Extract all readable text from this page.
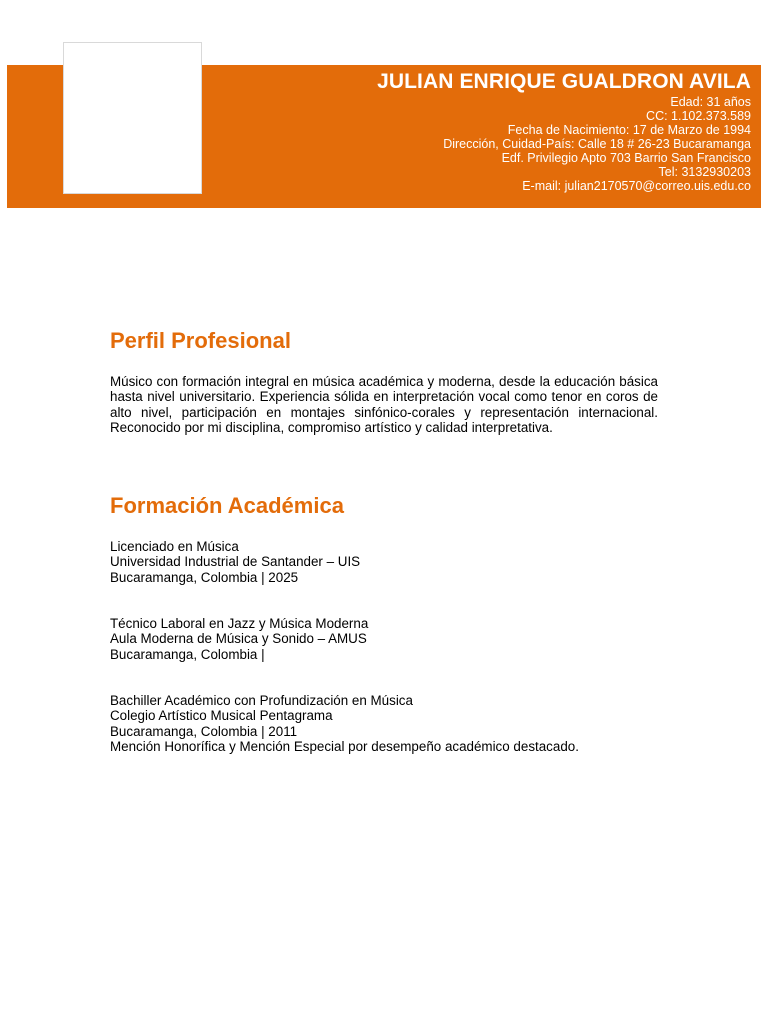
JULIAN ENRIQUE GUALDRON AVILA
Edad: 31 años
CC: 1.102.373.589
Fecha de Nacimiento: 17 de Marzo de 1994
Dirección, Cuidad-País: Calle 18 # 26-23 Bucaramanga
Edf. Privilegio Apto 703 Barrio San Francisco
Tel: 3132930203
E-mail: julian2170570@correo.uis.edu.co
Perfil Profesional
Músico con formación integral en música académica y moderna, desde la educación básica hasta nivel universitario. Experiencia sólida en interpretación vocal como tenor en coros de alto nivel, participación en montajes sinfónico-corales y representación internacional. Reconocido por mi disciplina, compromiso artístico y calidad interpretativa.
Formación Académica
Licenciado en Música
Universidad Industrial de Santander – UIS
Bucaramanga, Colombia | 2025
Técnico Laboral en Jazz y Música Moderna
Aula Moderna de Música y Sonido – AMUS
Bucaramanga, Colombia |
Bachiller Académico con Profundización en Música
Colegio Artístico Musical Pentagrama
Bucaramanga, Colombia | 2011
Mención Honorífica y Mención Especial por desempeño académico destacado.
